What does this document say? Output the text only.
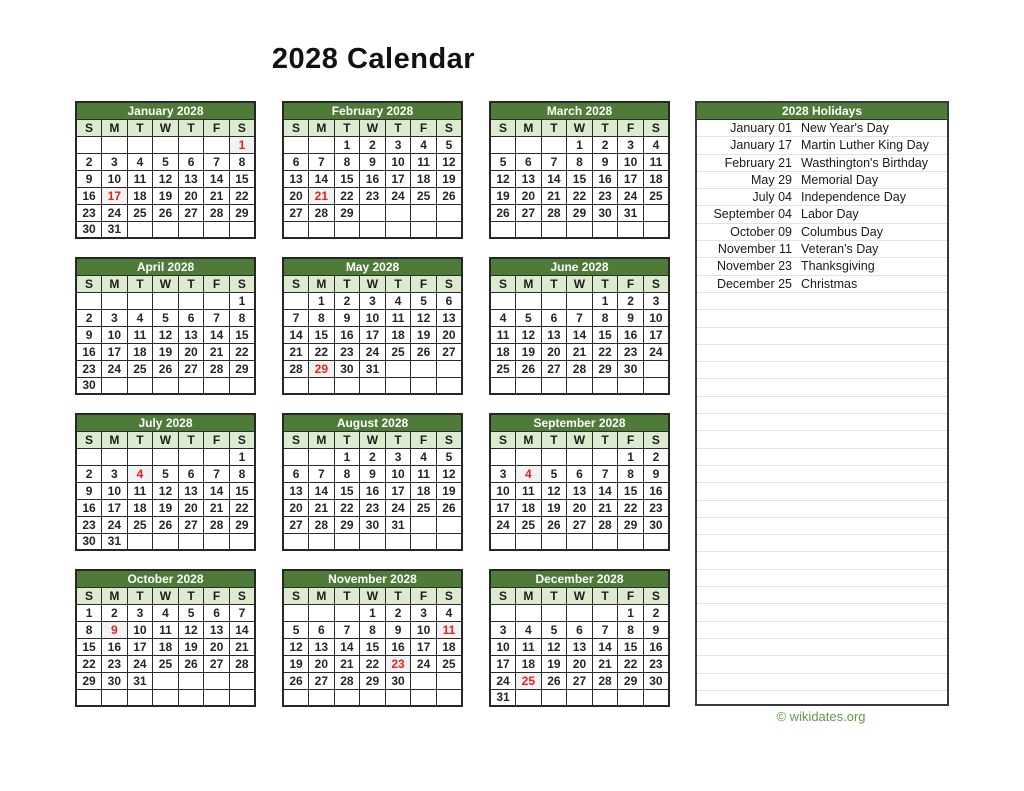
2028 Calendar
January 2028						
S	M	T	W	T	F	S
						1
2	3	4	5	6	7	8
9	10	11	12	13	14	15
16	17	18	19	20	21	22
23	24	25	26	27	28	29
30	31					
February 2028						
S	M	T	W	T	F	S
		1	2	3	4	5
6	7	8	9	10	11	12
13	14	15	16	17	18	19
20	21	22	23	24	25	26
27	28	29				

March 2028						
S	M	T	W	T	F	S
			1	2	3	4
5	6	7	8	9	10	11
12	13	14	15	16	17	18
19	20	21	22	23	24	25
26	27	28	29	30	31	

April 2028						
S	M	T	W	T	F	S
						1
2	3	4	5	6	7	8
9	10	11	12	13	14	15
16	17	18	19	20	21	22
23	24	25	26	27	28	29
30						
May 2028						
S	M	T	W	T	F	S
	1	2	3	4	5	6
7	8	9	10	11	12	13
14	15	16	17	18	19	20
21	22	23	24	25	26	27
28	29	30	31			

June 2028						
S	M	T	W	T	F	S
				1	2	3
4	5	6	7	8	9	10
11	12	13	14	15	16	17
18	19	20	21	22	23	24
25	26	27	28	29	30	

July 2028						
S	M	T	W	T	F	S
						1
2	3	4	5	6	7	8
9	10	11	12	13	14	15
16	17	18	19	20	21	22
23	24	25	26	27	28	29
30	31					
August 2028						
S	M	T	W	T	F	S
		1	2	3	4	5
6	7	8	9	10	11	12
13	14	15	16	17	18	19
20	21	22	23	24	25	26
27	28	29	30	31		

September 2028						
S	M	T	W	T	F	S
					1	2
3	4	5	6	7	8	9
10	11	12	13	14	15	16
17	18	19	20	21	22	23
24	25	26	27	28	29	30

October 2028						
S	M	T	W	T	F	S
1	2	3	4	5	6	7
8	9	10	11	12	13	14
15	16	17	18	19	20	21
22	23	24	25	26	27	28
29	30	31				

November 2028						
S	M	T	W	T	F	S
			1	2	3	4
5	6	7	8	9	10	11
12	13	14	15	16	17	18
19	20	21	22	23	24	25
26	27	28	29	30		

December 2028						
S	M	T	W	T	F	S
					1	2
3	4	5	6	7	8	9
10	11	12	13	14	15	16
17	18	19	20	21	22	23
24	25	26	27	28	29	30
31						
2028 Holidays
January 01 New Year's Day
January 17 Martin Luther King Day
February 21 Wasthington's Birthday
May 29 Memorial Day
July 04 Independence Day
September 04 Labor Day
October 09 Columbus Day
November 11 Veteran's Day
November 23 Thanksgiving
December 25 Christmas
© wikidates.org
